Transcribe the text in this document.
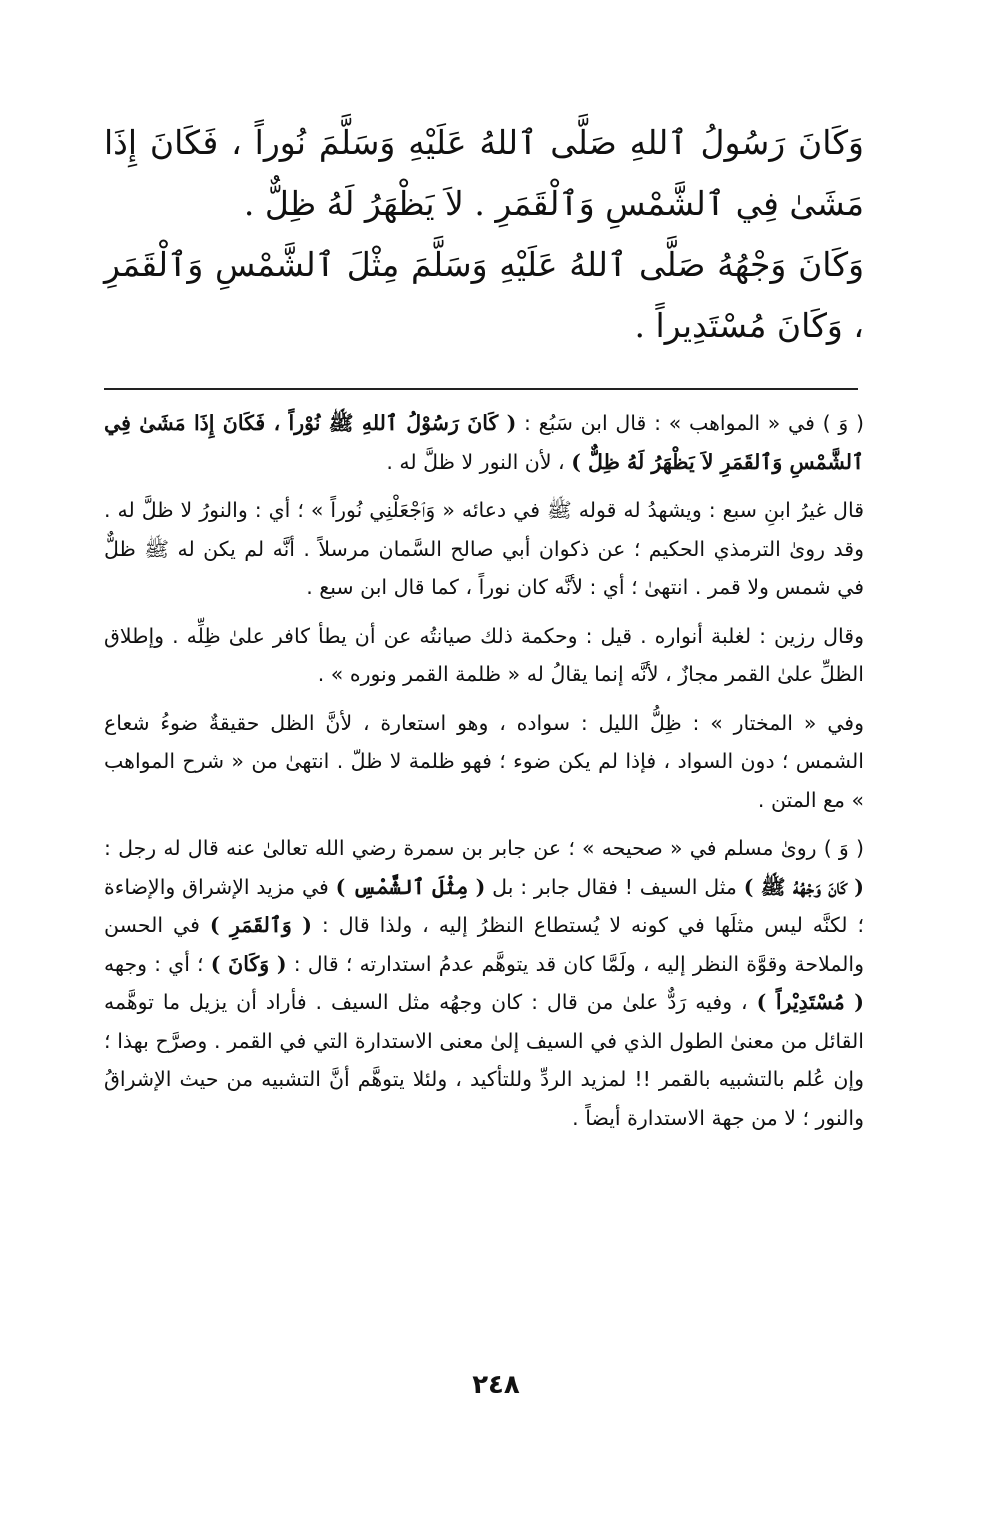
وَكَانَ رَسُولُ ٱللهِ صَلَّى ٱللهُ عَلَيْهِ وَسَلَّمَ نُوراً ، فَكَانَ إِذَا مَشَىٰ فِي ٱلشَّمْسِ وَٱلْقَمَرِ . لاَ يَظْهَرُ لَهُ ظِلٌّ .

وَكَانَ وَجْهُهُ صَلَّى ٱللهُ عَلَيْهِ وَسَلَّمَ مِثْلَ ٱلشَّمْسِ وَٱلْقَمَرِ ، وَكَانَ مُسْتَدِيراً .

( وَ ) في « المواهب » : قال ابن سَبُع : ( كَانَ رَسُوْلُ ٱللهِ ﷺ نُوْراً ، فَكَانَ إِذَا مَشَىٰ فِي ٱلشَّمْسِ وَٱلقَمَرِ لاَ يَظْهَرُ لَهُ ظِلٌّ ) ، لأن النور لا ظلَّ له .

قال غيرُ ابنِ سبع : ويشهدُ له قوله ﷺ في دعائه « وَٱجْعَلْنِي نُوراً » ؛ أي : والنورُ لا ظلَّ له . وقد روىٰ الترمذي الحكيم ؛ عن ذكوان أبي صالح السَّمان مرسلاً . أنَّه لم يكن له ﷺ ظلٌّ في شمس ولا قمر . انتهىٰ ؛ أي : لأنَّه كان نوراً ، كما قال ابن سبع .

وقال رزين : لغلبة أنواره . قيل : وحكمة ذلك صيانتُه عن أن يطأ كافر علىٰ ظِلِّه . وإطلاق الظلِّ علىٰ القمر مجازٌ ، لأنَّه إنما يقالُ له « ظلمة القمر ونوره » .

وفي « المختار » : ظِلُّ الليل : سواده ، وهو استعارة ، لأنَّ الظل حقيقةٌ ضوءُ شعاع الشمس ؛ دون السواد ، فإذا لم يكن ضوء ؛ فهو ظلمة لا ظلّ . انتهىٰ من « شرح المواهب » مع المتن .

( وَ ) روىٰ مسلم في « صحيحه » ؛ عن جابر بن سمرة رضي الله تعالىٰ عنه قال له رجل : ( كَانَ وَجْهُهُ ﷺ ) مثل السيف ! فقال جابر : بل ( مِثْلَ ٱلشَّمْسِ ) في مزيد الإشراق والإضاءة ؛ لكنَّه ليس مثلَها في كونه لا يُستطاع النظرُ إليه ، ولذا قال : ( وَٱلقَمَرِ ) في الحسن والملاحة وقوَّة النظر إليه ، ولَمَّا كان قد يتوهَّم عدمُ استدارته ؛ قال : ( وَكَانَ ) ؛ أي : وجهه ( مُسْتَدِيْراً ) ، وفيه رَدٌّ علىٰ من قال : كان وجهُه مثل السيف . فأراد أن يزيل ما توهَّمه القائل من معنىٰ الطول الذي في السيف إلىٰ معنى الاستدارة التي في القمر . وصرَّح بهذا ؛ وإن عُلم بالتشبيه بالقمر !! لمزيد الردِّ وللتأكيد ، ولئلا يتوهَّم أنَّ التشبيه من حيث الإشراقُ والنور ؛ لا من جهة الاستدارة أيضاً .

٢٤٨
